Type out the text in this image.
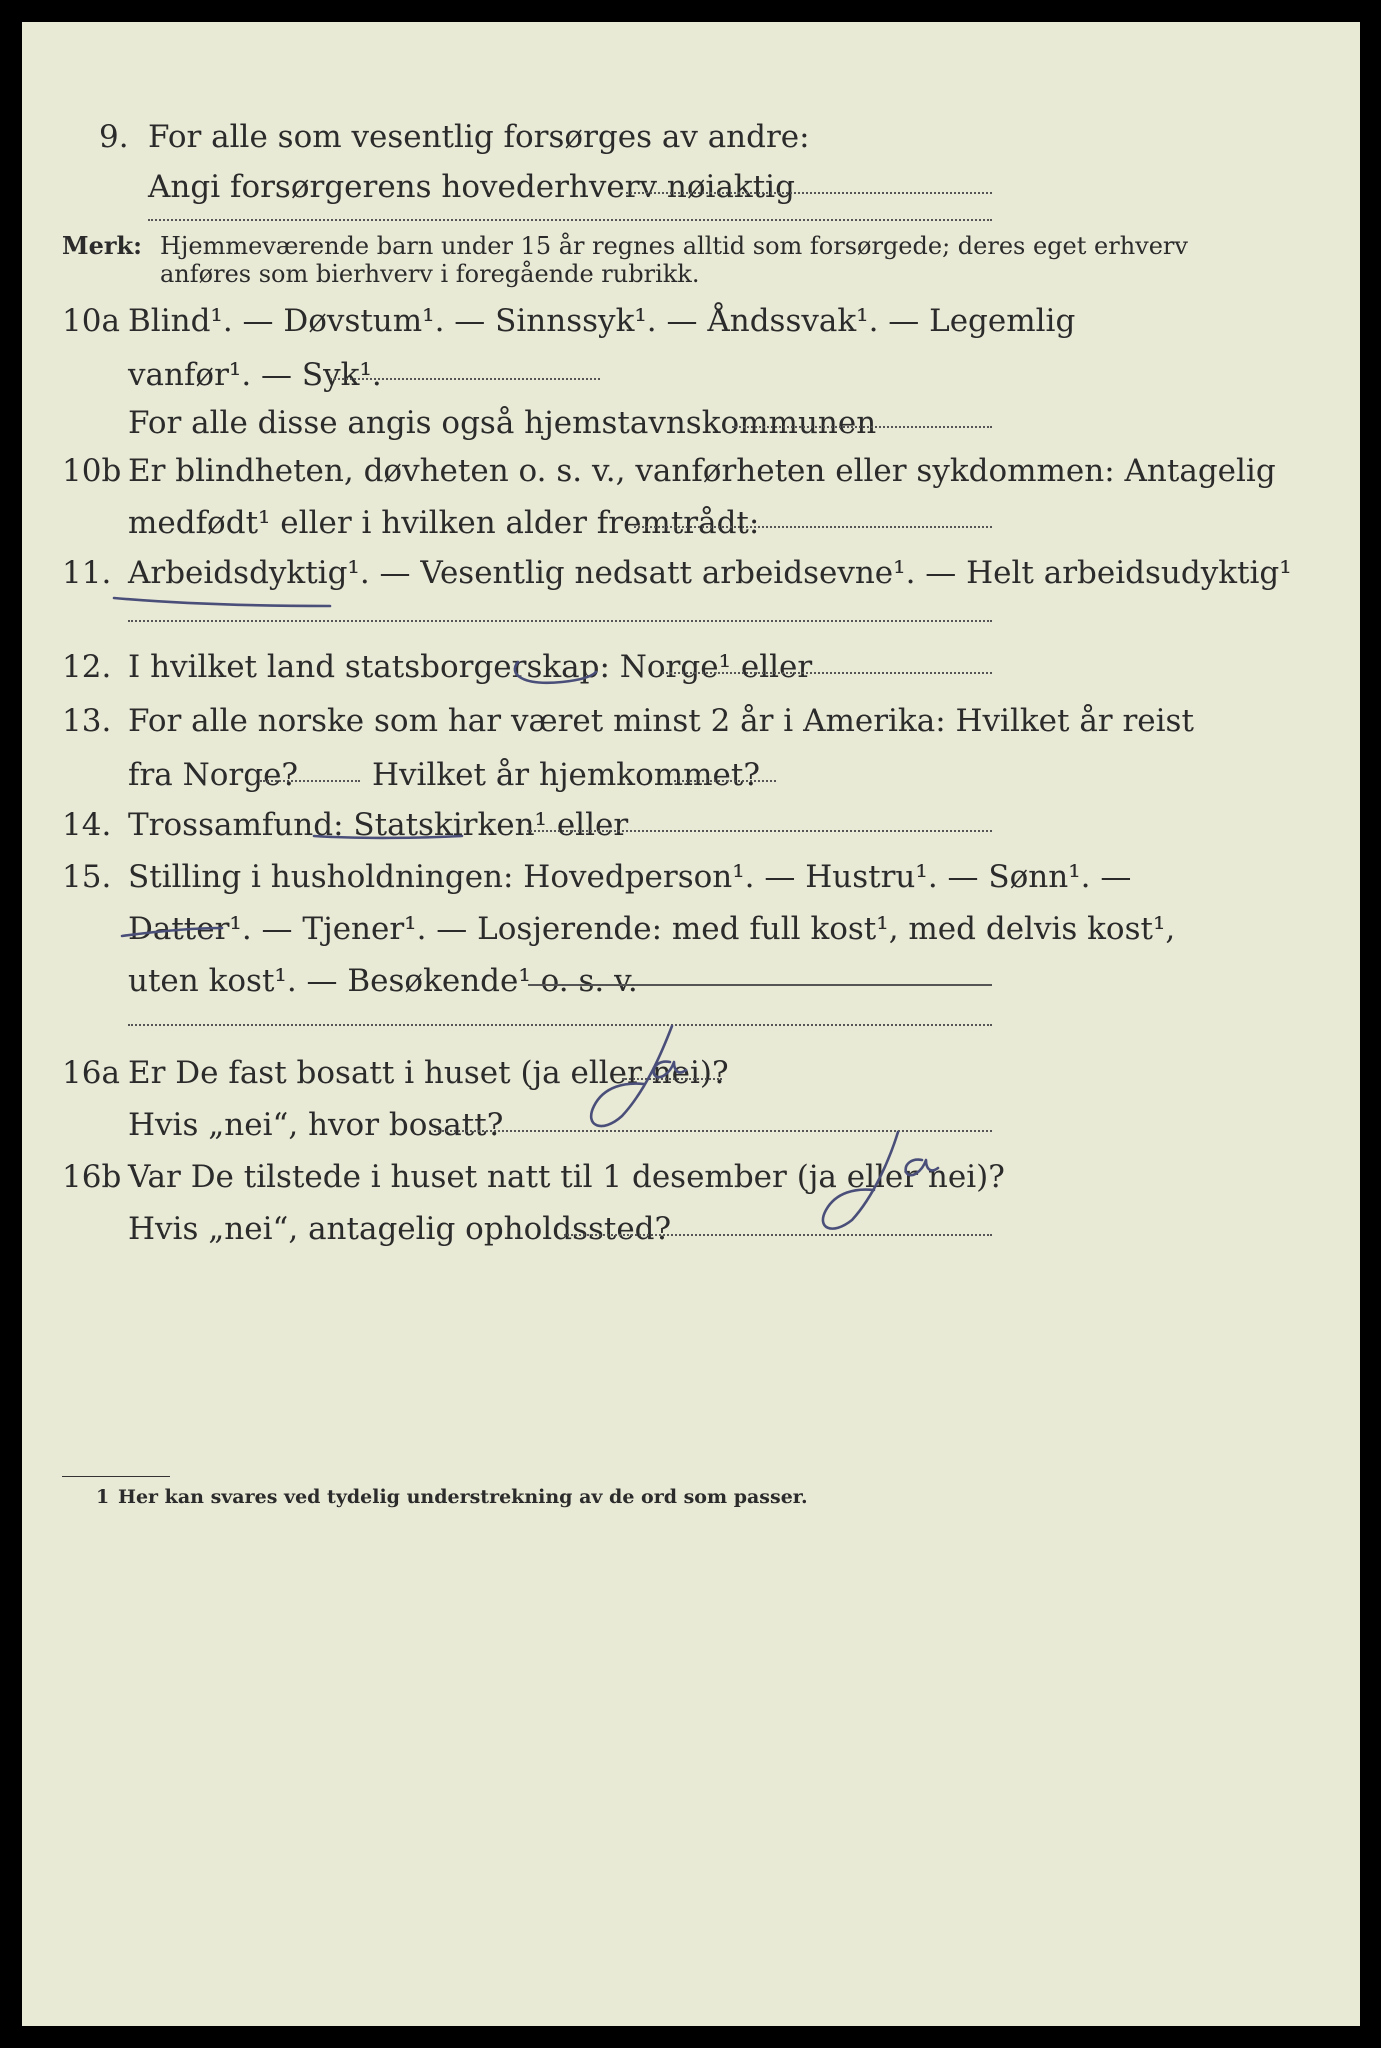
9. For alle som vesentlig forsørges av andre:
Angi forsørgerens hovederhverv nøiaktig
Merk: Hjemmeværende barn under 15 år regnes alltid som forsørgede; deres eget erhverv
anføres som bierhverv i foregående rubrikk.
10a Blind¹. — Døvstum¹. — Sinnssyk¹. — Åndssvak¹. — Legemlig
vanfør¹. — Syk¹.
For alle disse angis også hjemstavnskommunen
10b Er blindheten, døvheten o. s. v., vanførheten eller sykdommen: Antagelig
medfødt¹ eller i hvilken alder fremtrådt:
11. Arbeidsdyktig¹. — Vesentlig nedsatt arbeidsevne¹. — Helt arbeidsudyktig¹
12. I hvilket land statsborgerskap: Norge¹ eller
13. For alle norske som har været minst 2 år i Amerika: Hvilket år reist
fra Norge? Hvilket år hjemkommet?
14. Trossamfund: Statskirken¹ eller
15. Stilling i husholdningen: Hovedperson¹. — Hustru¹. — Sønn¹. —
Datter¹. — Tjener¹. — Losjerende: med full kost¹, med delvis kost¹,
uten kost¹. — Besøkende¹ o. s. v.
16a Er De fast bosatt i huset (ja eller nei)?
Hvis „nei“, hvor bosatt?
16b Var De tilstede i huset natt til 1 desember (ja eller nei)?
Hvis „nei“, antagelig opholdssted?
1 Her kan svares ved tydelig understrekning av de ord som passer.
